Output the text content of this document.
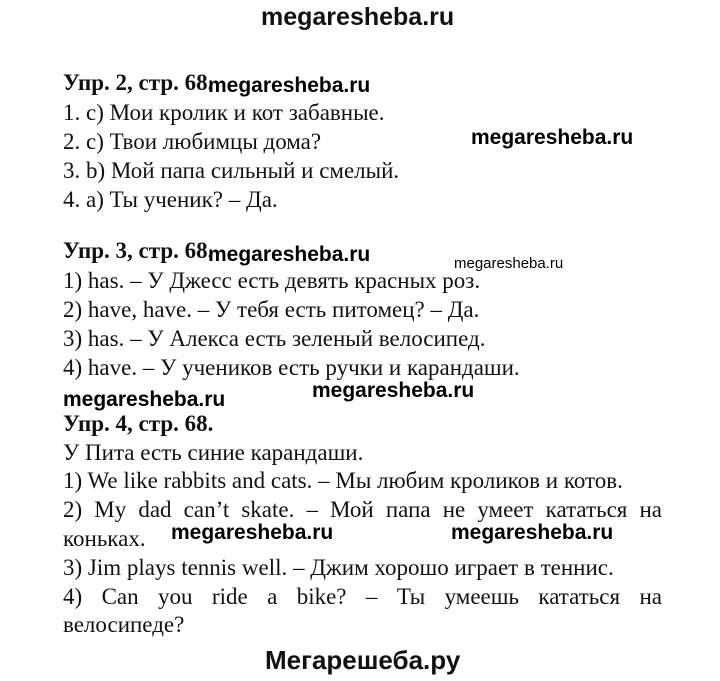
megaresheba.ru
Упр. 2, стр. 68.
megaresheba.ru
1. c) Мои кролик и кот забавные.
2. c) Твои любимцы дома?	megaresheba.ru
3. b) Мой папа сильный и смелый.
4. a) Ты ученик? – Да.
Упр. 3, стр. 68.
megaresheba.ru	megaresheba.ru
1) has. – У Джесс есть девять красных роз.
2) have, have. – У тебя есть питомец? – Да.
3) has. – У Алекса есть зеленый велосипед.
4) have. – У учеников есть ручки и карандаши.
megaresheba.ru
megaresheba.ru
Упр. 4, стр. 68.
У Пита есть синие карандаши.
1) We like rabbits and cats. – Мы любим кроликов и котов.
2) My dad can’t skate. – Мой папа не умеет кататься на
коньках. megaresheba.ru	megaresheba.ru
3) Jim plays tennis well. – Джим хорошо играет в теннис.
4) Can you ride a bike? – Ты умеешь кататься на
велосипеде?
Мегарешеба.ру
